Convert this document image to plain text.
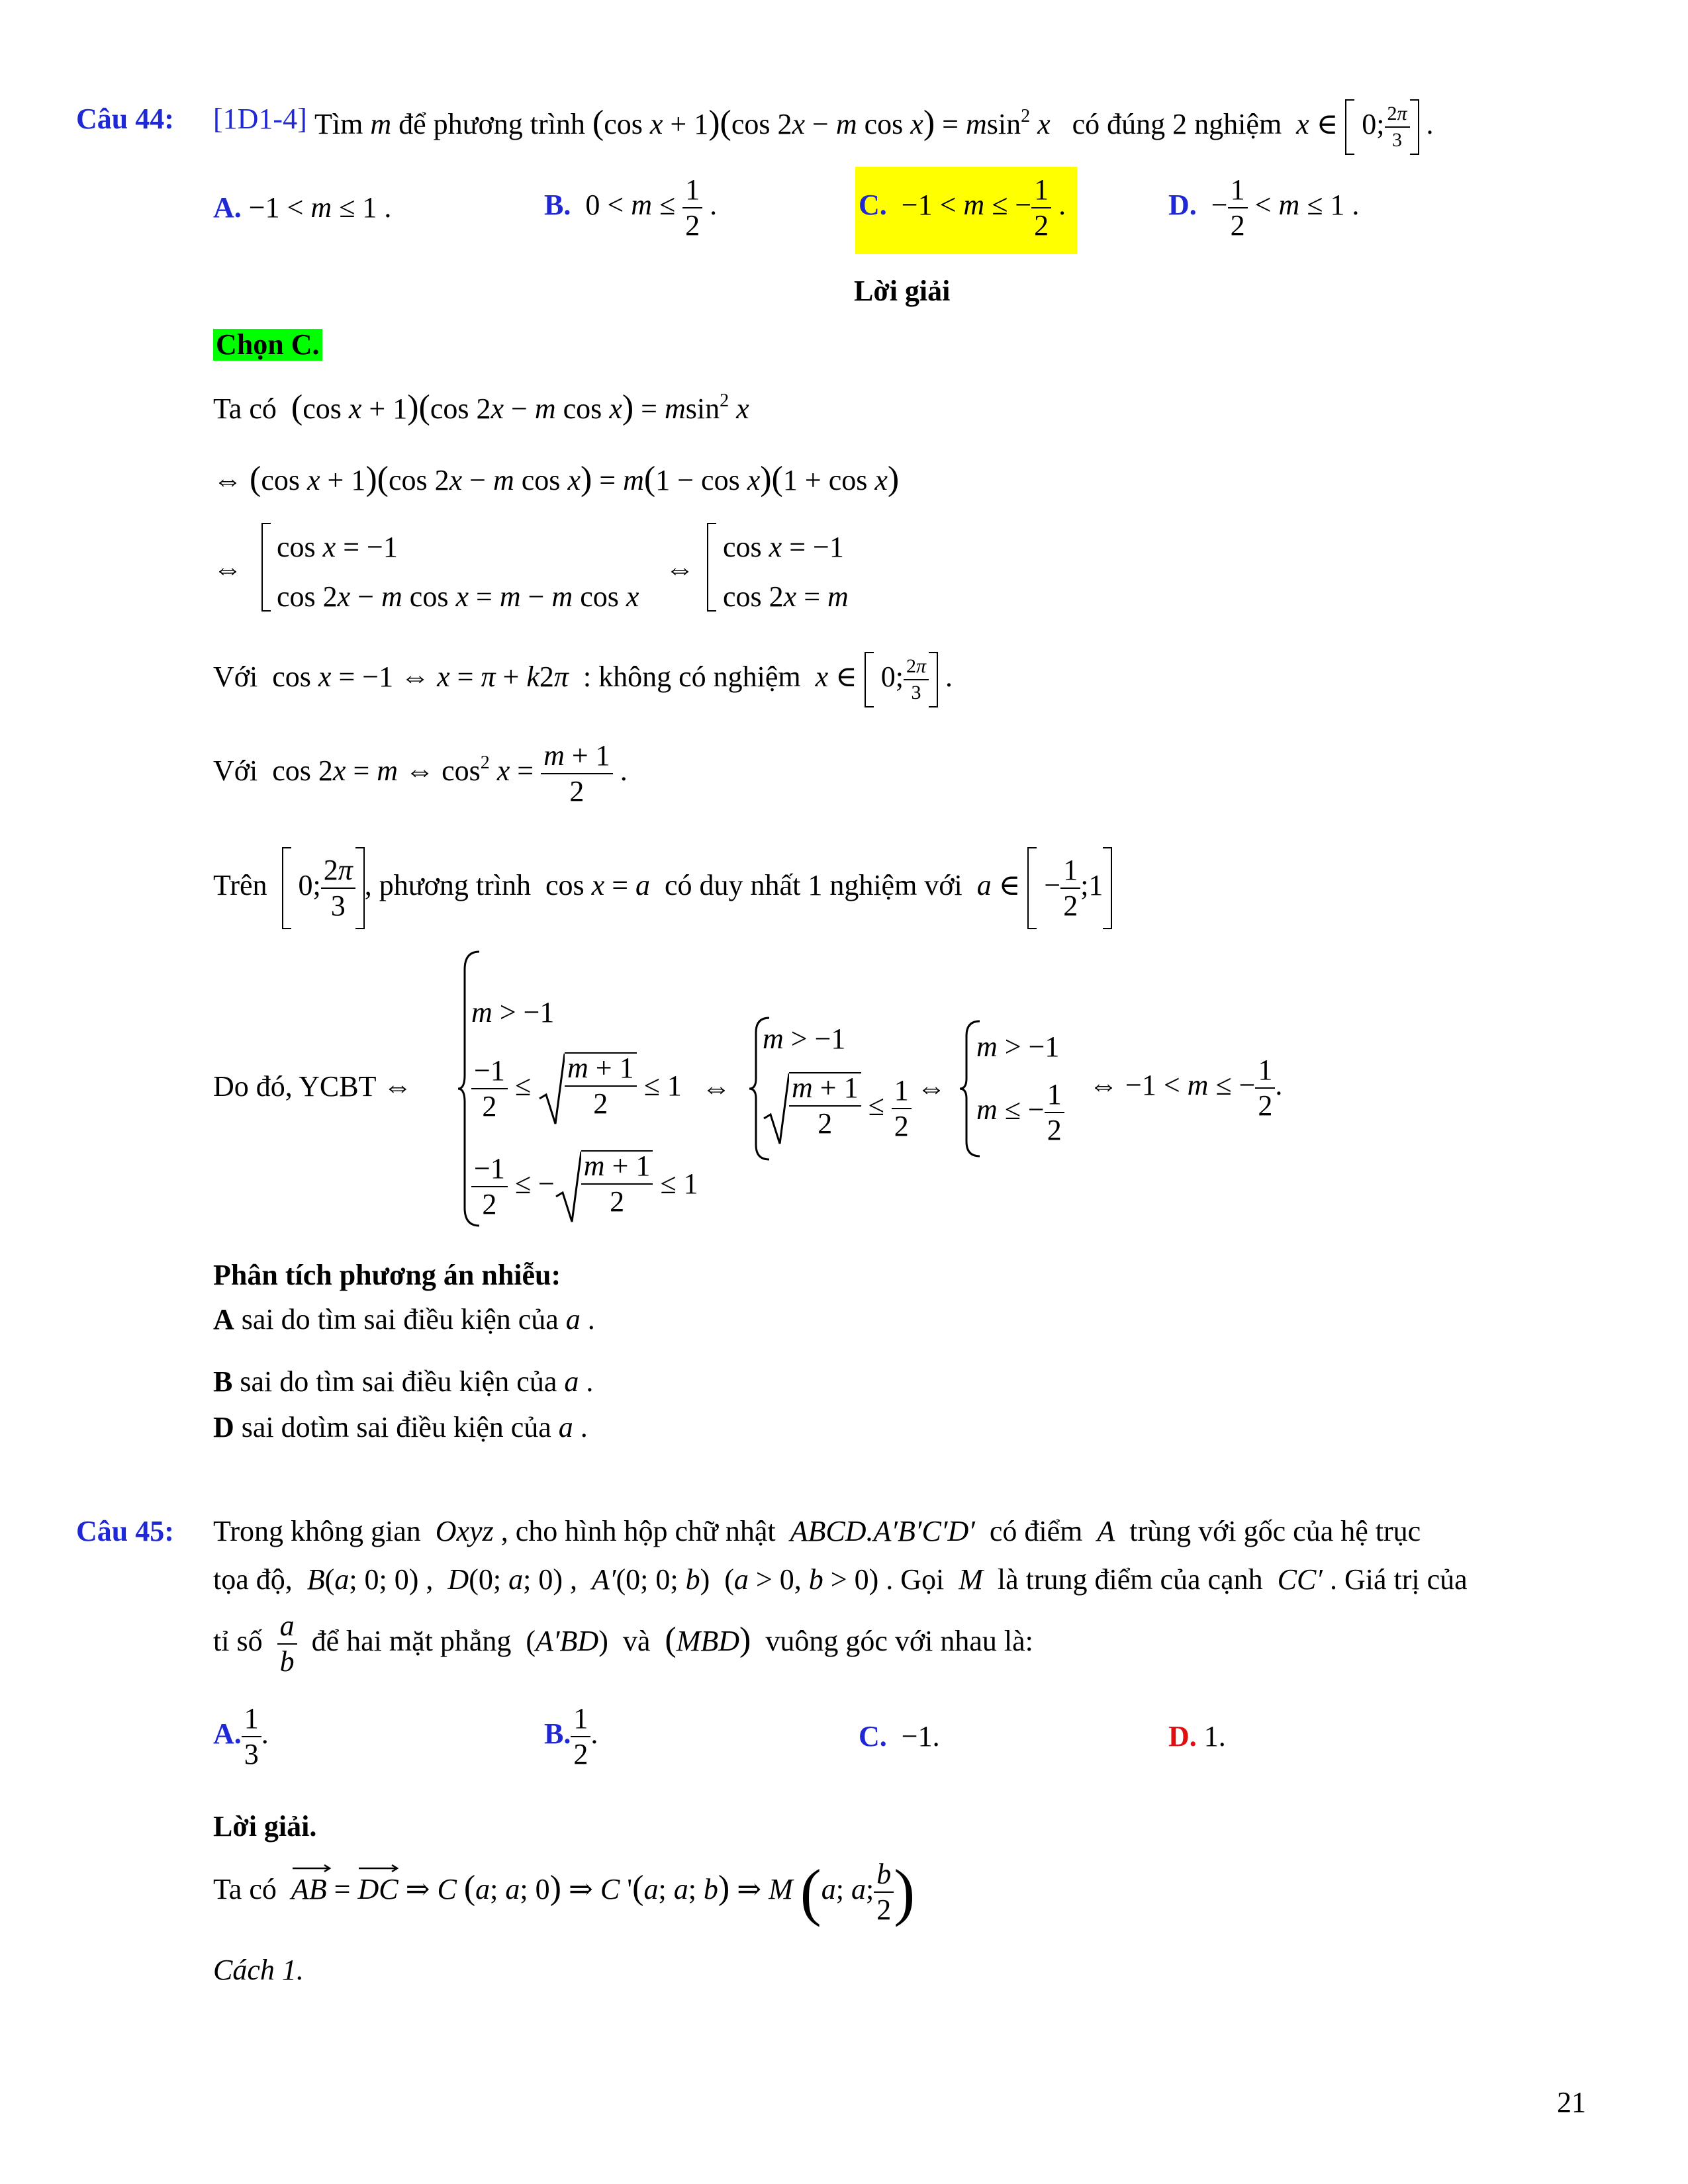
Câu 44: [1D1-4] Tìm m để phương trình (cos x + 1)(cos 2x − m cos x) = msin$^2$ x   có đúng 2 nghiệm  x ∈  0; $\frac{2\pi}{3}$ .
A. −1 < m ≤ 1 .	B.  $0 < m \le \frac{1}{2}$ .	C.  −1 < m ≤ − $\frac{1}{2}$ .	D.  − $\frac{1}{2} < m \le 1$ .
Lời giải
Chọn C.
Ta có  (cos x + 1)(cos 2x − m cos x) = msin$^2$ x
⇔ (cos x + 1)(cos 2x − m cos x) = m(1 − cos x)(1 + cos x)
⇔
cos x = −1
cos 2x − m cos x = m − m cos x
⇔
cos x = −1
cos 2x = m
Với  cos x = −1 ⇔ x = π + k2π  : không có nghiệm  x ∈  0; $\frac{2\pi}{3}$ .
Với  cos 2x = m ⇔ $\cos^2 x = \frac{m + 1}{2}$ .
Trên   0; $\frac{2\pi}{3}$ , phương trình  cos x = a  có duy nhất 1 nghiệm với  a ∈  − $\frac{1}{2}$ ;1
Do đó, YCBT ⇔
m > −1
$\frac{-1}{2} \le \frac{m + 1}{2} \le 1$
$\frac{-1}{2}$ ≤ − $\frac{m + 1}{2} \le 1$
⇔
m > −1
$\frac{m + 1}{2} \le \frac{1}{2}$ ⇔
m > −1
m ≤ − $\frac{1}{2}$ ⇔ −1 < m ≤ − $\frac{1}{2}$ .
Phân tích phương án nhiễu:
A sai do tìm sai điều kiện của a .
B sai do tìm sai điều kiện của a .
D sai dotìm sai điều kiện của a .
Câu 45: Trong không gian  Oxyz , cho hình hộp chữ nhật  ABCD.A′B′C′D′  có điểm  A  trùng với gốc của hệ trục
tọa độ,  B(a; 0; 0) ,  D(0; a; 0) ,  A′(0; 0; b)  (a > 0, b > 0) . Gọi  M  là trung điểm của cạnh  CC′ . Giá trị của
tỉ số $\frac{a}{b}$ để hai mặt phẳng  (A′BD)  và  (MBD)  vuông góc với nhau là:
A. $\frac{1}{3}$ .	B. $\frac{1}{2}$ .	C. −1.	D. 1.
Lời giải.
Ta có  AB
= DC
⇒ C (a; a; 0) ⇒ C '(a; a; b) ⇒ M (a; a; $\frac{b}{2}$ )
Cách 1.
21
